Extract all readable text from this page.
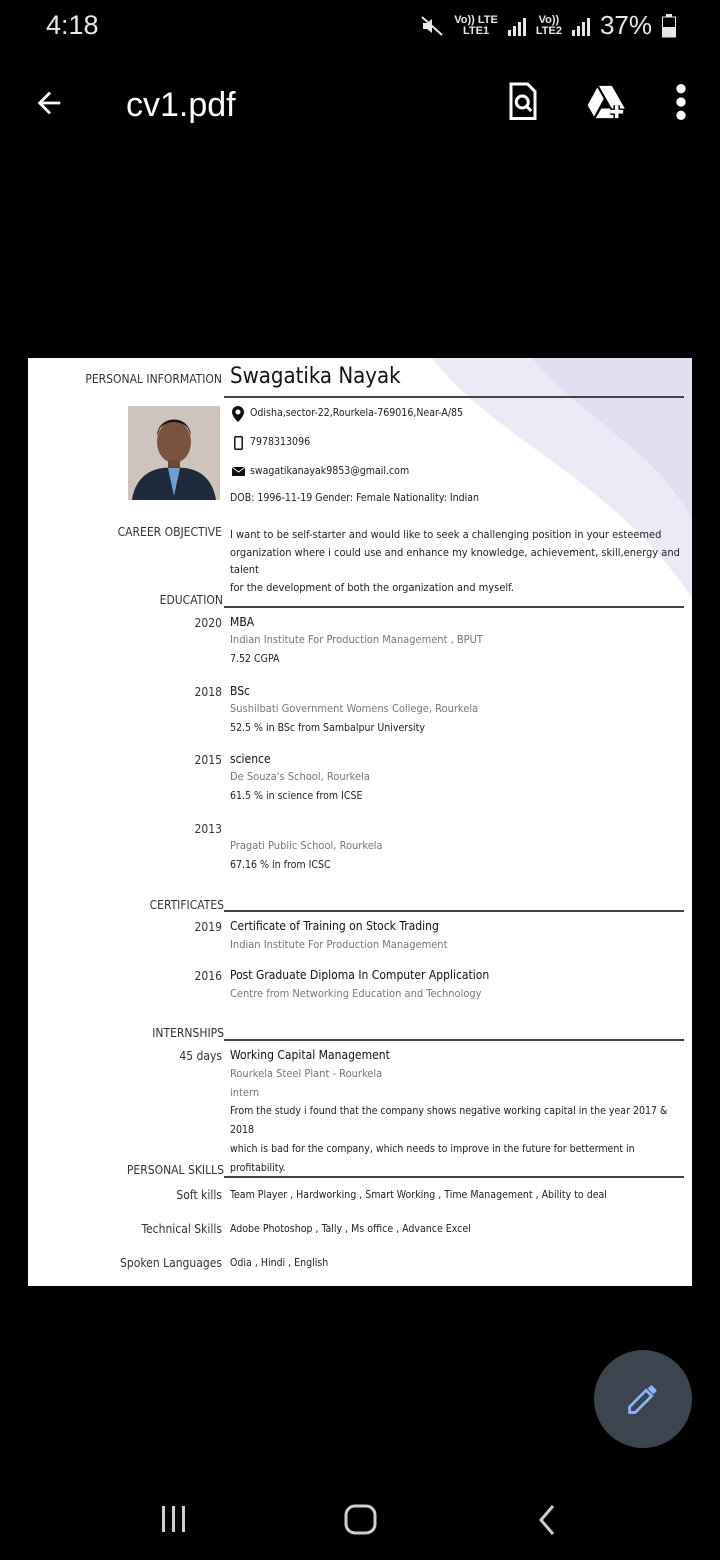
4:18	Vo)) LTE
LTE1
Vo))
LTE2 37%
cv1.pdf
PERSONAL INFORMATION Swagatika Nayak
Odisha,sector-22,Rourkela-769016,Near-A/85
7978313096
swagatikanayak9853@gmail.com
DOB: 1996-11-19 Gender: Female Nationality: Indian
CAREER OBJECTIVE I want to be self-starter and would like to seek a challenging position in your esteemed
organization where i could use and enhance my knowledge, achievement, skill,energy and talent
for the development of both the organization and myself.
EDUCATION
2020 MBA
Indian Institute For Production Management , BPUT
7.52 CGPA
2018 BSc
Sushilbati Government Womens College, Rourkela
52.5 % in BSc from Sambalpur University
2015 science
De Souza's School, Rourkela
61.5 % in science from ICSE
2013
Pragati Public School, Rourkela
67.16 % in from ICSC
CERTIFICATES
2019 Certificate of Training on Stock Trading
Indian Institute For Production Management
2016 Post Graduate Diploma In Computer Application
Centre from Networking Education and Technology
INTERNSHIPS
45 days Working Capital Management
Rourkela Steel Plant - Rourkela
intern
From the study i found that the company shows negative working capital in the year 2017 & 2018
which is bad for the company, which needs to improve in the future for betterment in profitability.
PERSONAL SKILLS
Soft kills Team Player , Hardworking , Smart Working , Time Management , Ability to deal
Technical Skills Adobe Photoshop , Tally , Ms office , Advance Excel
Spoken Languages Odia , Hindi , English
